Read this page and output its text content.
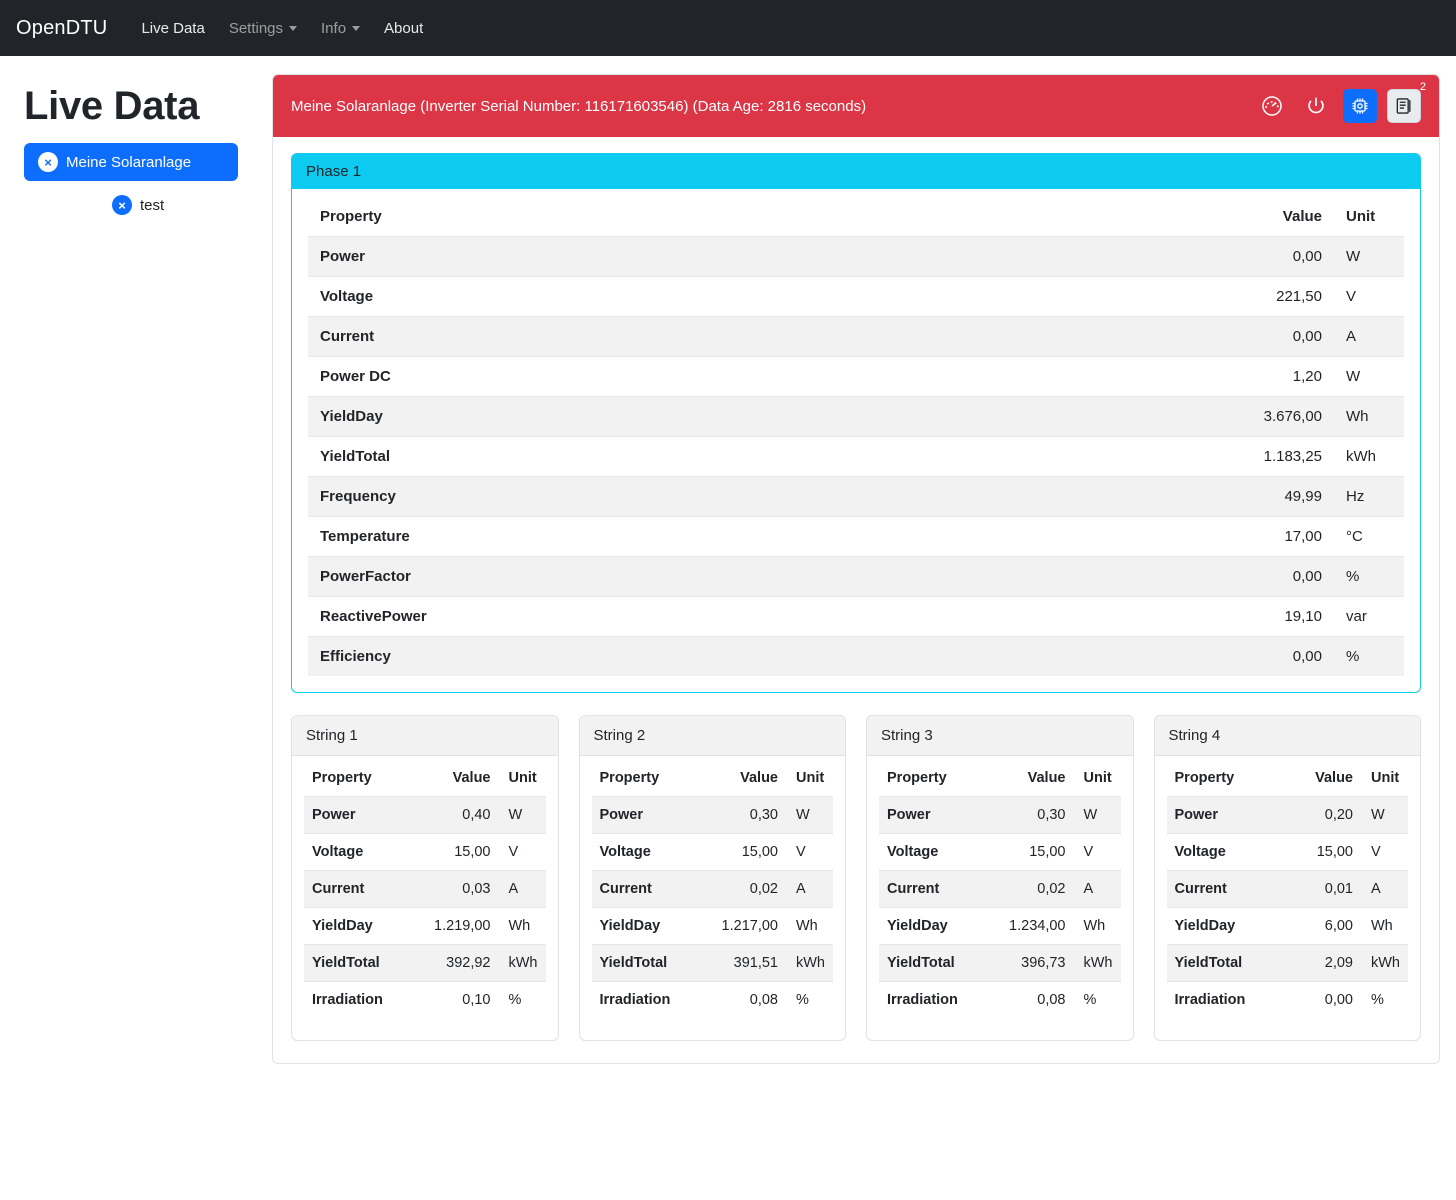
OpenDTU	Live Data	Settings	Info	About
Live Data
× Meine Solaranlage
× test
Meine Solaranlage (Inverter Serial Number: 116171603546) (Data Age: 2816 seconds)
2
Phase 1
Property	Value	Unit
Power	0,00	W
Voltage	221,50	V
Current	0,00	A
Power DC	1,20	W
YieldDay	3.676,00	Wh
YieldTotal	1.183,25	kWh
Frequency	49,99	Hz
Temperature	17,00	°C
PowerFactor	0,00	%
ReactivePower	19,10	var
Efficiency	0,00	%
String 1
Property	Value	Unit
Power	0,40	W
Voltage	15,00	V
Current	0,03	A
YieldDay	1.219,00	Wh
YieldTotal	392,92	kWh
Irradiation	0,10	%
String 2
Property	Value	Unit
Power	0,30	W
Voltage	15,00	V
Current	0,02	A
YieldDay	1.217,00	Wh
YieldTotal	391,51	kWh
Irradiation	0,08	%
String 3
Property	Value	Unit
Power	0,30	W
Voltage	15,00	V
Current	0,02	A
YieldDay	1.234,00	Wh
YieldTotal	396,73	kWh
Irradiation	0,08	%
String 4
Property	Value	Unit
Power	0,20	W
Voltage	15,00	V
Current	0,01	A
YieldDay	6,00	Wh
YieldTotal	2,09	kWh
Irradiation	0,00	%
